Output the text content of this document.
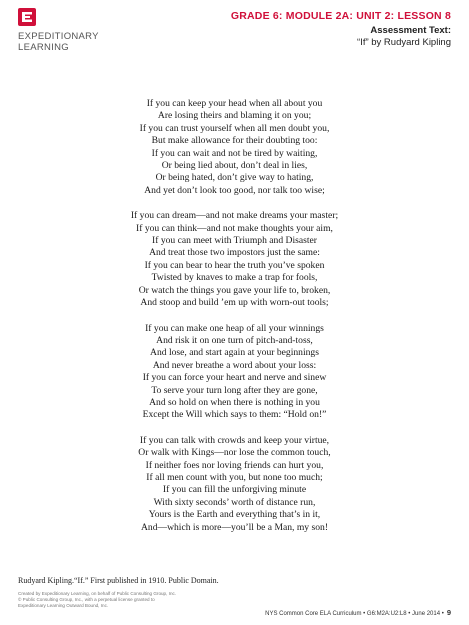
EXPEDITIONARY
LEARNING
GRADE 6: MODULE 2A: UNIT 2: LESSON 8
Assessment Text:
“If” by Rudyard Kipling
If you can keep your head when all about you
Are losing theirs and blaming it on you;
If you can trust yourself when all men doubt you,
But make allowance for their doubting too:
If you can wait and not be tired by waiting,
Or being lied about, don’t deal in lies,
Or being hated, don’t give way to hating,
And yet don’t look too good, nor talk too wise;
If you can dream—and not make dreams your master;
If you can think—and not make thoughts your aim,
If you can meet with Triumph and Disaster
And treat those two impostors just the same:
If you can bear to hear the truth you’ve spoken
Twisted by knaves to make a trap for fools,
Or watch the things you gave your life to, broken,
And stoop and build ’em up with worn-out tools;
If you can make one heap of all your winnings
And risk it on one turn of pitch-and-toss,
And lose, and start again at your beginnings
And never breathe a word about your loss:
If you can force your heart and nerve and sinew
To serve your turn long after they are gone,
And so hold on when there is nothing in you
Except the Will which says to them: “Hold on!”
If you can talk with crowds and keep your virtue,
Or walk with Kings—nor lose the common touch,
If neither foes nor loving friends can hurt you,
If all men count with you, but none too much;
If you can fill the unforgiving minute
With sixty seconds’ worth of distance run,
Yours is the Earth and everything that’s in it,
And—which is more—you’ll be a Man, my son!
Rudyard Kipling.“If.” First published in 1910. Public Domain.
Created by Expeditionary Learning, on behalf of Public Consulting Group, Inc.
© Public Consulting Group, Inc., with a perpetual license granted to
Expeditionary Learning Outward Bound, Inc.
NYS Common Core ELA Curriculum • G6:M2A:U2:L8 • June 2014 • 9
